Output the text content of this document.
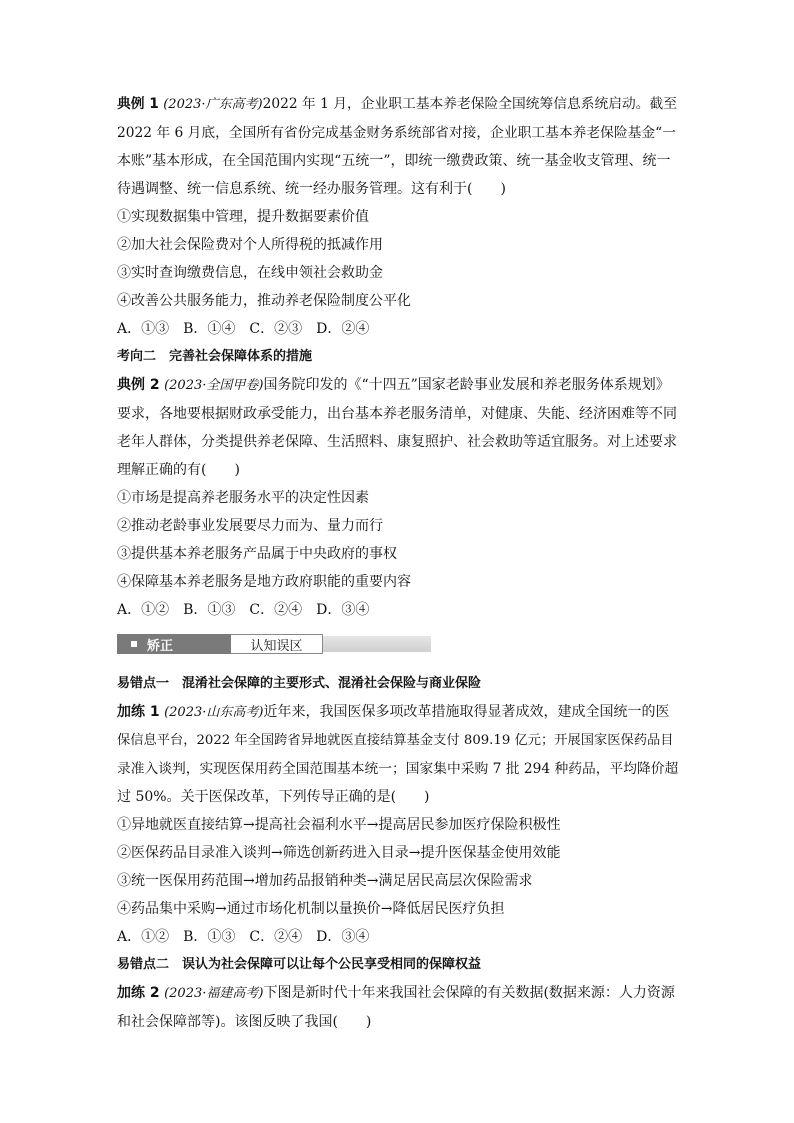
典例 1 (2023·广东高考)2022 年 1 月，企业职工基本养老保险全国统筹信息系统启动。截至
2022 年 6 月底，全国所有省份完成基金财务系统部省对接，企业职工基本养老保险基金“一
本账”基本形成，在全国范围内实现“五统一”，即统一缴费政策、统一基金收支管理、统一
待遇调整、统一信息系统、统一经办服务管理。这有利于(　　)
①实现数据集中管理，提升数据要素价值
②加大社会保险费对个人所得税的抵减作用
③实时查询缴费信息，在线申领社会救助金
④改善公共服务能力，推动养老保险制度公平化
A．①③　B．①④　C．②③　D．②④
考向二　完善社会保障体系的措施
典例 2 (2023·全国甲卷)国务院印发的《“十四五”国家老龄事业发展和养老服务体系规划》
要求，各地要根据财政承受能力，出台基本养老服务清单，对健康、失能、经济困难等不同
老年人群体，分类提供养老保障、生活照料、康复照护、社会救助等适宜服务。对上述要求
理解正确的有(　　)
①市场是提高养老服务水平的决定性因素
②推动老龄事业发展要尽力而为、量力而行
③提供基本养老服务产品属于中央政府的事权
④保障基本养老服务是地方政府职能的重要内容
A．①②　B．①③　C．②④　D．③④
矫正	认知误区
易错点一　混淆社会保障的主要形式、混淆社会保险与商业保险
加练 1 (2023·山东高考)近年来，我国医保多项改革措施取得显著成效，建成全国统一的医
保信息平台，2022 年全国跨省异地就医直接结算基金支付 809.19 亿元；开展国家医保药品目
录准入谈判，实现医保用药全国范围基本统一；国家集中采购 7 批 294 种药品，平均降价超
过 50%。关于医保改革，下列传导正确的是(　　)
①异地就医直接结算→提高社会福利水平→提高居民参加医疗保险积极性
②医保药品目录准入谈判→筛选创新药进入目录→提升医保基金使用效能
③统一医保用药范围→增加药品报销种类→满足居民高层次保险需求
④药品集中采购→通过市场化机制以量换价→降低居民医疗负担
A．①②　B．①③　C．②④　D．③④
易错点二　误认为社会保障可以让每个公民享受相同的保障权益
加练 2 (2023·福建高考)下图是新时代十年来我国社会保障的有关数据(数据来源：人力资源
和社会保障部等)。该图反映了我国(　　)
